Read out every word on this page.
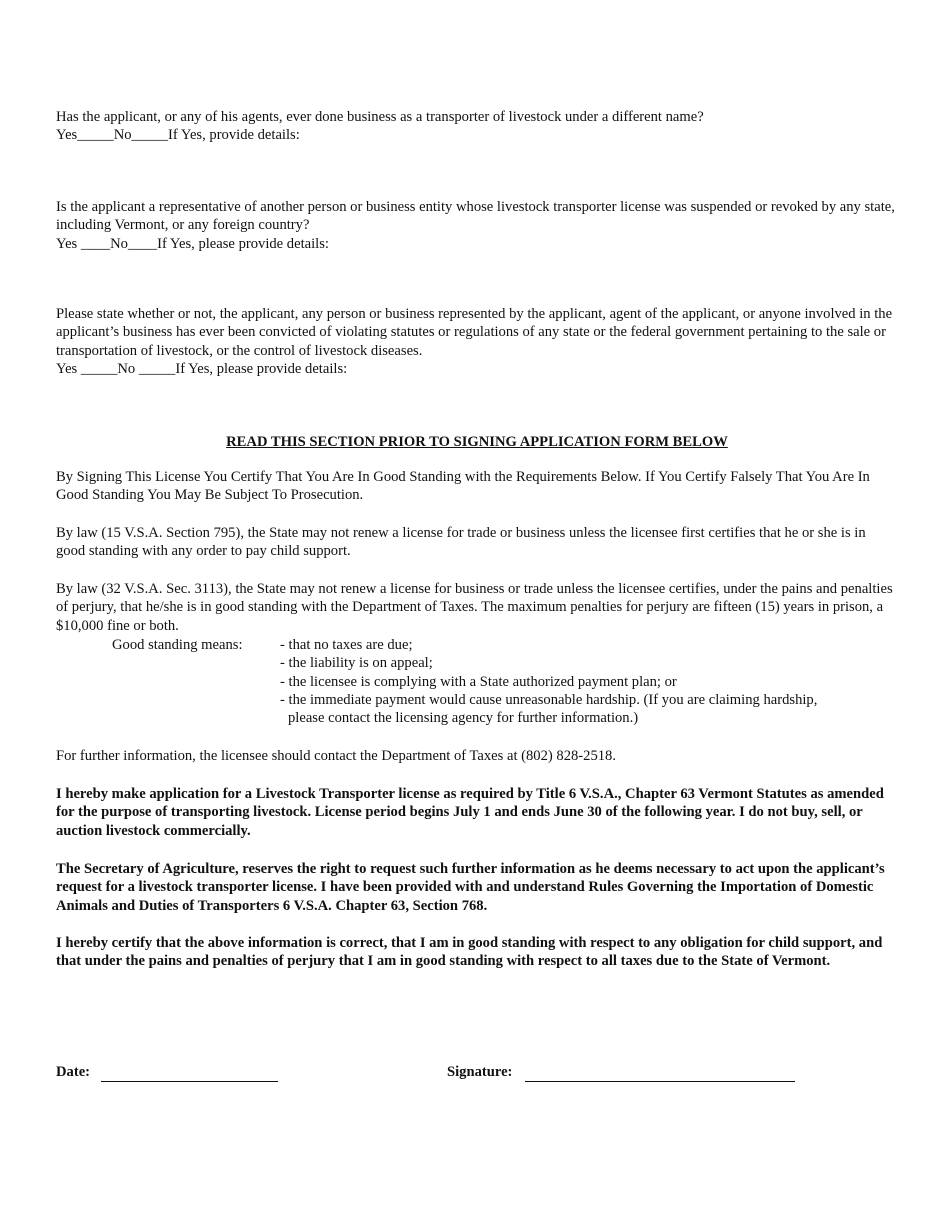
Has the applicant, or any of his agents, ever done business as a transporter of livestock under a different name?

Yes_____No_____If Yes, provide details:

Is the applicant a representative of another person or business entity whose livestock transporter license was suspended or revoked by any state, including Vermont, or any foreign country?

Yes ____No____If Yes, please provide details:

Please state whether or not, the applicant, any person or business represented by the applicant, agent of the applicant, or anyone involved in the applicant’s business has ever been convicted of violating statutes or regulations of any state or the federal government pertaining to the sale or transportation of livestock, or the control of livestock diseases.

Yes _____No _____If Yes, please provide details:

READ THIS SECTION PRIOR TO SIGNING APPLICATION FORM BELOW

By Signing This License You Certify That You Are In Good Standing with the Requirements Below. If You Certify Falsely That You Are In Good Standing You May Be Subject To Prosecution.

By law (15 V.S.A. Section 795), the State may not renew a license for trade or business unless the licensee first certifies that he or she is in good standing with any order to pay child support.

By law (32 V.S.A. Sec. 3113), the State may not renew a license for business or trade unless the licensee certifies, under the pains and penalties of perjury, that he/she is in good standing with the Department of Taxes. The maximum penalties for perjury are fifteen (15) years in prison, a $10,000 fine or both.

Good standing means:	- that no taxes are due;
- the liability is on appeal;
- the licensee is complying with a State authorized payment plan; or
- the immediate payment would cause unreasonable hardship. (If you are claiming hardship,
please contact the licensing agency for further information.)

For further information, the licensee should contact the Department of Taxes at (802) 828-2518.

I hereby make application for a Livestock Transporter license as required by Title 6 V.S.A., Chapter 63 Vermont Statutes as amended for the purpose of transporting livestock. License period begins July 1 and ends June 30 of the following year. I do not buy, sell, or auction livestock commercially.

The Secretary of Agriculture, reserves the right to request such further information as he deems necessary to act upon the applicant’s request for a livestock transporter license. I have been provided with and understand Rules Governing the Importation of Domestic Animals and Duties of Transporters 6 V.S.A. Chapter 63, Section 768.

I hereby certify that the above information is correct, that I am in good standing with respect to any obligation for child support, and that under the pains and penalties of perjury that I am in good standing with respect to all taxes due to the State of Vermont.

Date:	Signature:
